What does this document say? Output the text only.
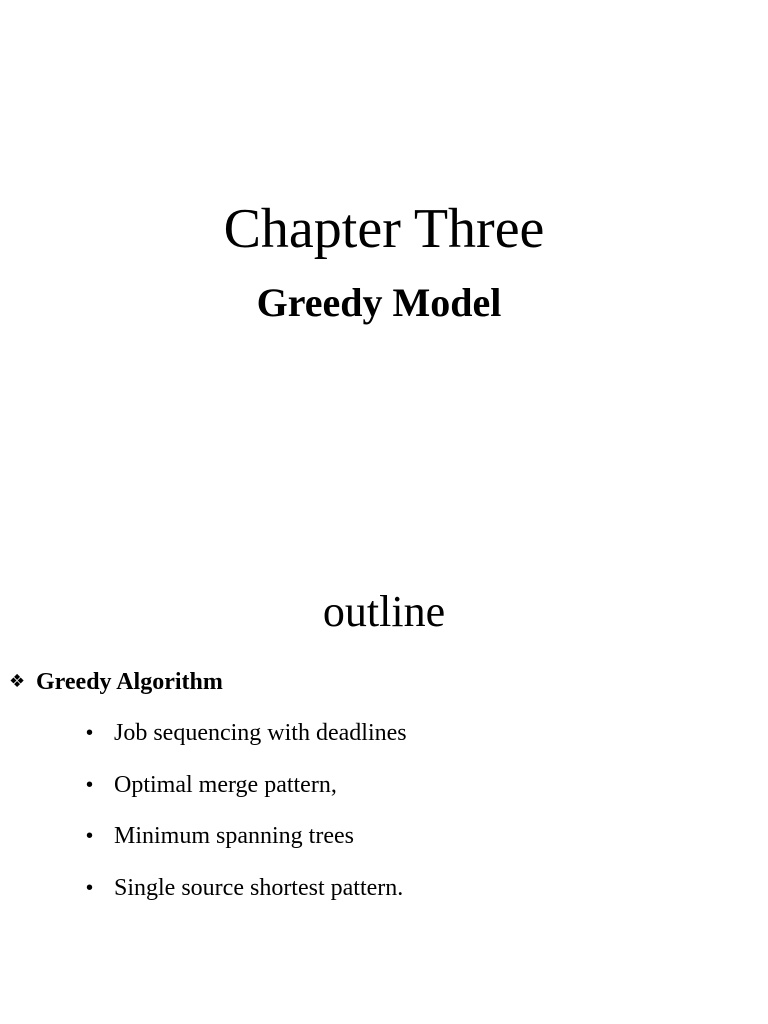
Chapter Three
Greedy Model
outline
❖ Greedy Algorithm
• Job sequencing with deadlines
• Optimal merge pattern,
• Minimum spanning trees
• Single source shortest pattern.
